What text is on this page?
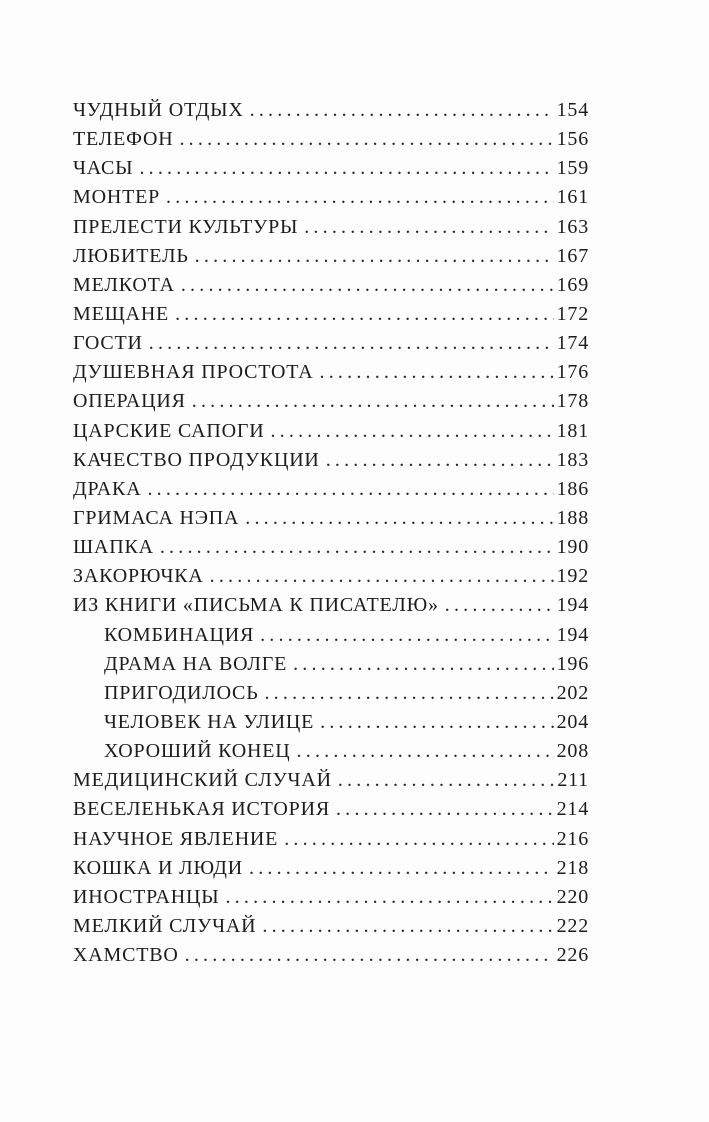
ЧУДНЫЙ ОТДЫХ .....	154
ТЕЛЕФОН .....	156
ЧАСЫ .....	159
МОНТЕР .....	161
ПРЕЛЕСТИ КУЛЬТУРЫ .....	163
ЛЮБИТЕЛЬ .....	167
МЕЛКОТА .....	169
МЕЩАНЕ .....	172
ГОСТИ .....	174
ДУШЕВНАЯ ПРОСТОТА .....	176
ОПЕРАЦИЯ .....	178
ЦАРСКИЕ САПОГИ .....	181
КАЧЕСТВО ПРОДУКЦИИ .....	183
ДРАКА .....	186
ГРИМАСА НЭПА .....	188
ШАПКА .....	190
ЗАКОРЮЧКА .....	192
ИЗ КНИГИ «ПИСЬМА К ПИСАТЕЛЮ» .....	194
КОМБИНАЦИЯ .....	194
ДРАМА НА ВОЛГЕ .....	196
ПРИГОДИЛОСЬ .....	202
ЧЕЛОВЕК НА УЛИЦЕ .....	204
ХОРОШИЙ КОНЕЦ .....	208
МЕДИЦИНСКИЙ СЛУЧАЙ .....	211
ВЕСЕЛЕНЬКАЯ ИСТОРИЯ .....	214
НАУЧНОЕ ЯВЛЕНИЕ .....	216
КОШКА И ЛЮДИ .....	218
ИНОСТРАНЦЫ .....	220
МЕЛКИЙ СЛУЧАЙ .....	222
ХАМСТВО .....	226
